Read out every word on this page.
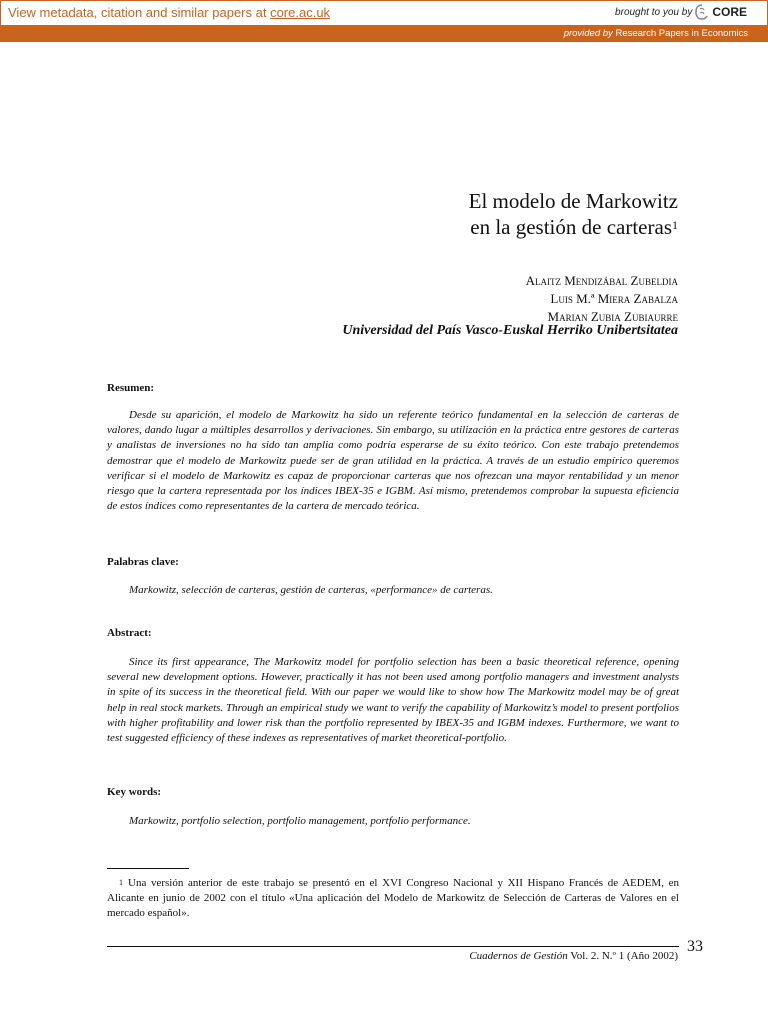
View metadata, citation and similar papers at core.ac.uk	brought to you by CORE
provided by Research Papers in Economics
El modelo de Markowitz
en la gestión de carteras$^1$
Alaitz Mendizábal Zubeldia
Luis M.ª Miera Zabalza
Marian Zubia Zubiaurre
Universidad del País Vasco-Euskal Herriko Unibertsitatea
Resumen:
Desde su aparición, el modelo de Markowitz ha sido un referente teórico fundamental en la selección de carteras de valores, dando lugar a múltiples desarrollos y derivaciones. Sin embargo, su utilización en la práctica entre gestores de carteras y analistas de inversiones no ha sido tan amplia como podría esperarse de su éxito teórico. Con este trabajo pretendemos demostrar que el modelo de Markowitz puede ser de gran utilidad en la práctica. A través de un estudio empírico queremos verificar si el modelo de Markowitz es capaz de proporcionar carteras que nos ofrezcan una mayor rentabilidad y un menor riesgo que la cartera representada por los índices IBEX-35 e IGBM. Así mismo, pretendemos comprobar la supuesta eficiencia de estos índices como representantes de la cartera de mercado teórica.
Palabras clave:
Markowitz, selección de carteras, gestión de carteras, «performance» de carteras.
Abstract:
Since its first appearance, The Markowitz model for portfolio selection has been a basic theoretical reference, opening several new development options. However, practically it has not been used among portfolio managers and investment analysts in spite of its success in the theoretical field. With our paper we would like to show how The Markowitz model may be of great help in real stock markets. Through an empirical study we want to verify the capability of Markowitz’s model to present portfolios with higher profitability and lower risk than the portfolio represented by IBEX-35 and IGBM indexes. Furthermore, we want to test suggested efficiency of these indexes as representatives of market theoretical-portfolio.
Key words:
Markowitz, portfolio selection, portfolio management, portfolio performance.
$^1$ Una versión anterior de este trabajo se presentó en el XVI Congreso Nacional y XII Hispano Francés de AEDEM, en Alicante en junio de 2002 con el título «Una aplicación del Modelo de Markowitz de Selección de Carteras de Valores en el mercado español».
Cuadernos de Gestión Vol. 2. N.º 1 (Año 2002)
33
